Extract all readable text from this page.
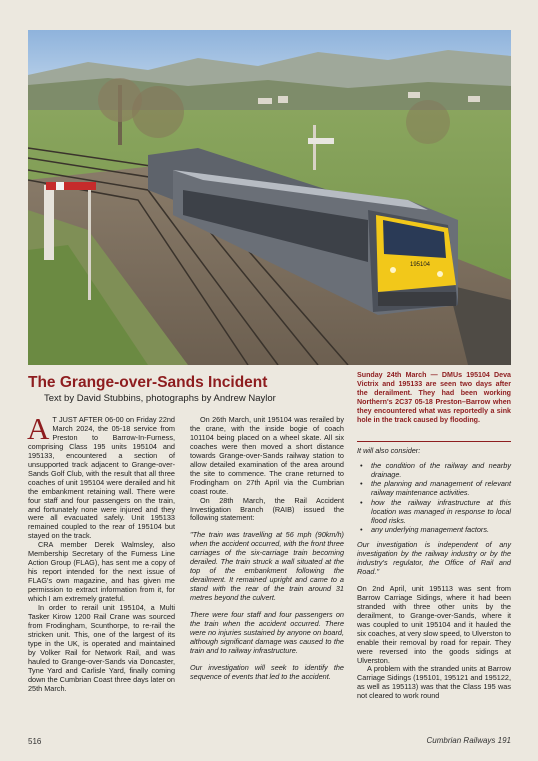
195104
The Grange-over-Sands Incident
Text by David Stubbins, photographs by Andrew Naylor
Sunday 24th March — DMUs 195104 Deva Victrix and 195133 are seen two days after the derailment. They had been working Northern's 2C37 05-18 Preston–Barrow when they encountered what was reportedly a sink hole in the track caused by flooding.

A T JUST AFTER 06-00 on Friday 22nd March 2024, the 05-18 service from Preston to Barrow-In-Furness, comprising Class 195 units 195104 and 195133, encountered a section of unsupported track adjacent to Grange-over-Sands Golf Club, with the result that all three coaches of unit 195104 were derailed and hit the embankment retaining wall. There were four staff and four passengers on the train, and fortunately none were injured and they were all evacuated safely. Unit 195133 remained coupled to the rear of 195104 but stayed on the track.

CRA member Derek Walmsley, also Membership Secretary of the Furness Line Action Group (FLAG), has sent me a copy of his report intended for the next issue of FLAG's own magazine, and has given me permission to extract information from it, for which I am extremely grateful.

In order to rerail unit 195104, a Multi Tasker Kirow 1200 Rail Crane was sourced from Frodingham, Scunthorpe, to re-rail the stricken unit. This, one of the largest of its type in the UK, is operated and maintained by Volker Rail for Network Rail, and was hauled to Grange-over-Sands via Doncaster, Tyne Yard and Carlisle Yard, finally coming down the Cumbrian Coast three days later on 25th March.

On 26th March, unit 195104 was rerailed by the crane, with the inside bogie of coach 101104 being placed on a wheel skate. All six coaches were then moved a short distance towards Grange-over-Sands railway station to allow detailed examination of the area around the site to commence. The crane returned to Frodingham on 27th April via the Cumbrian coast route.

On 28th March, the Rail Accident Investigation Branch (RAIB) issued the following statement:

"The train was travelling at 56 mph (90km/h) when the accident occurred, with the front three carriages of the six-carriage train becoming derailed. The train struck a wall situated at the top of the embankment following the derailment. It remained upright and came to a stand with the rear of the train around 31 metres beyond the culvert.

There were four staff and four passengers on the train when the accident occurred. There were no injuries sustained by anyone on board, although significant damage was caused to the train and to railway infrastructure.

Our investigation will seek to identify the sequence of events that led to the accident.

It will also consider:

• the condition of the railway and nearby drainage.
• the planning and management of relevant railway maintenance activities.
• how the railway infrastructure at this location was managed in response to local flood risks.
• any underlying management factors.

Our investigation is independent of any investigation by the railway industry or by the industry's regulator, the Office of Rail and Road."

On 2nd April, unit 195113 was sent from Barrow Carriage Sidings, where it had been stranded with three other units by the derailment, to Grange-over-Sands, where it was coupled to unit 195104 and it hauled the six coaches, at very slow speed, to Ulverston to enable their removal by road for repair. They were reversed into the goods sidings at Ulverston.

A problem with the stranded units at Barrow Carriage Sidings (195101, 195121 and 195122, as well as 195113) was that the Class 195 was not cleared to work round

516	Cumbrian Railways 191
